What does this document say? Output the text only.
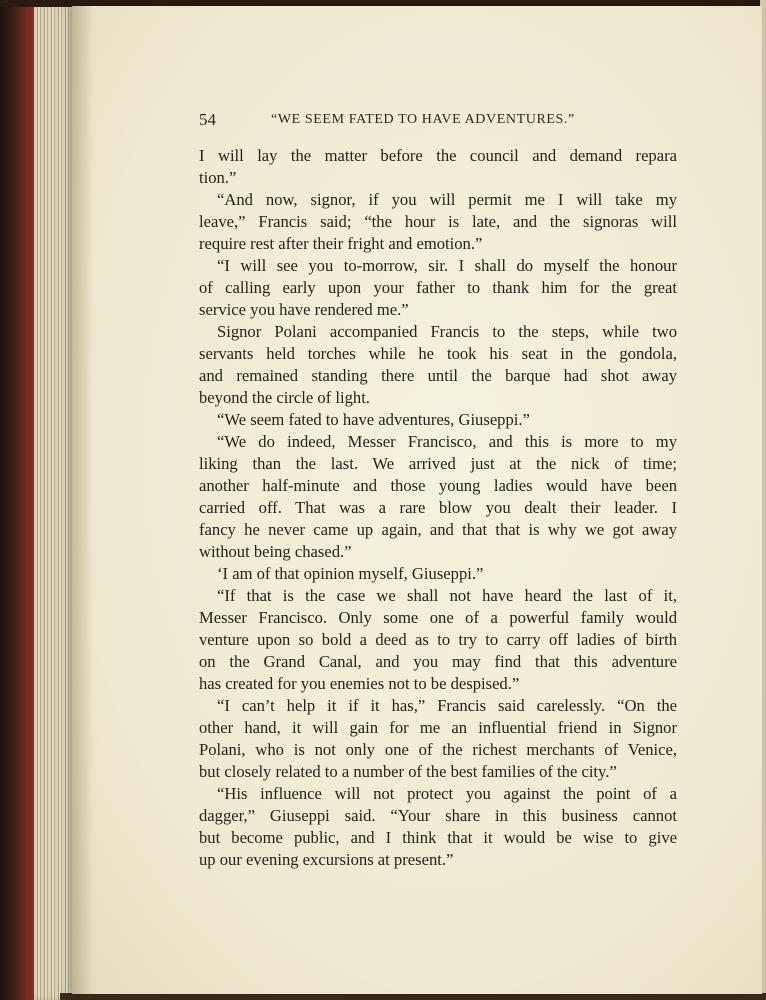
54	“WE SEEM FATED TO HAVE ADVENTURES.”
I will lay the matter before the council and demand repara
tion.”
“And now, signor, if you will permit me I will take my
leave,” Francis said; “the hour is late, and the signoras will
require rest after their fright and emotion.”
“I will see you to-morrow, sir. I shall do myself the honour
of calling early upon your father to thank him for the great
service you have rendered me.”
Signor Polani accompanied Francis to the steps, while two
servants held torches while he took his seat in the gondola,
and remained standing there until the barque had shot away
beyond the circle of light.
“We seem fated to have adventures, Giuseppi.”
“We do indeed, Messer Francisco, and this is more to my
liking than the last. We arrived just at the nick of time;
another half-minute and those young ladies would have been
carried off. That was a rare blow you dealt their leader. I
fancy he never came up again, and that that is why we got away
without being chased.”
‘I am of that opinion myself, Giuseppi.”
“If that is the case we shall not have heard the last of it,
Messer Francisco. Only some one of a powerful family would
venture upon so bold a deed as to try to carry off ladies of birth
on the Grand Canal, and you may find that this adventure
has created for you enemies not to be despised.”
“I can’t help it if it has,” Francis said carelessly. “On the
other hand, it will gain for me an influential friend in Signor
Polani, who is not only one of the richest merchants of Venice,
but closely related to a number of the best families of the city.”
“His influence will not protect you against the point of a
dagger,” Giuseppi said. “Your share in this business cannot
but become public, and I think that it would be wise to give
up our evening excursions at present.”
